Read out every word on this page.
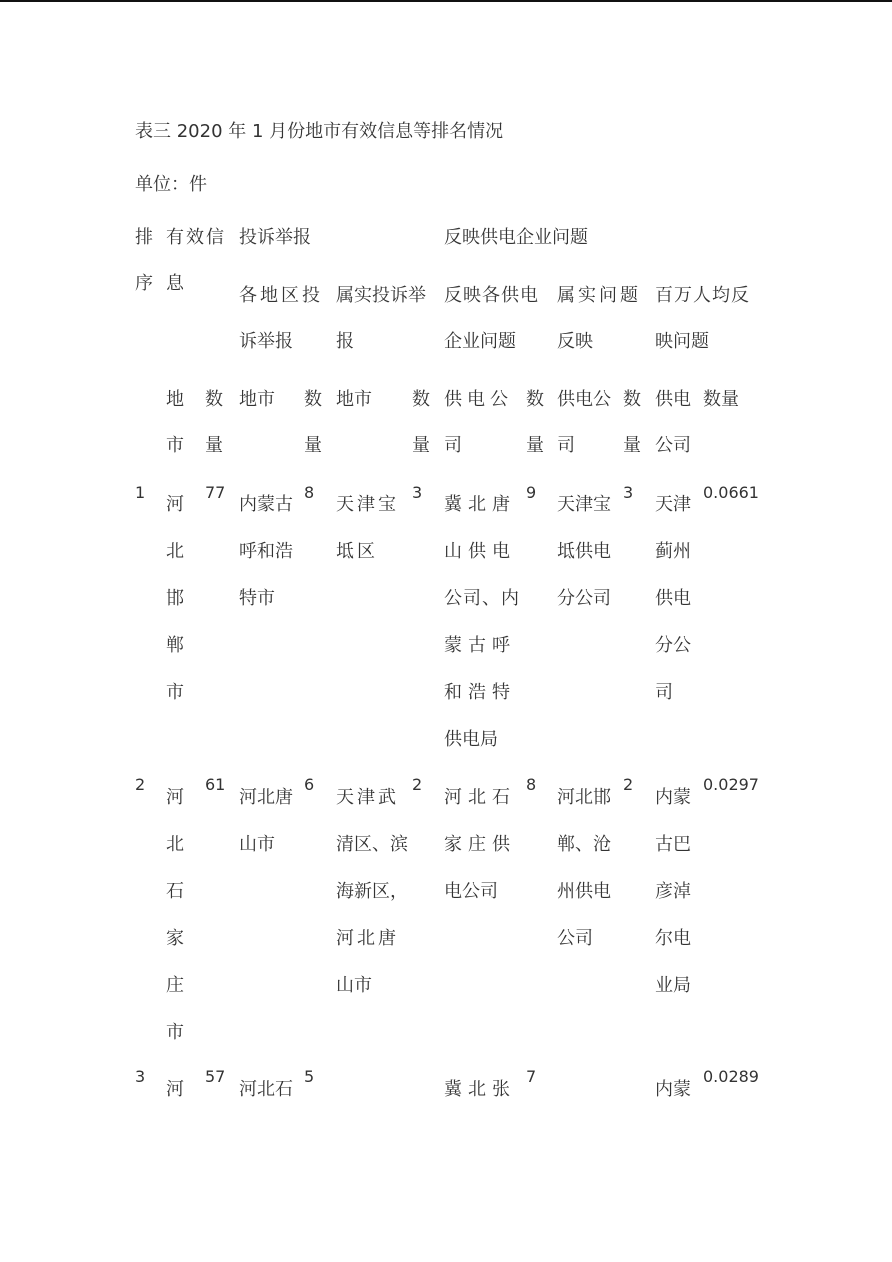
表三 2020 年 1 月份地市有效信息等排名情况
单位：件
排
序
有效信
息
投诉举报	反映供电企业问题
各地区投
诉举报
属实投诉举
报
反映各供电
企业问题
属实问题
反映
百万人均反
映问题
地
市
数
量
地市 数
量
地市 数
量
供电公
司
数
量
供电公
司
数
量
供电
公司
数量
1
河
北
邯
郸
市
77
内蒙古
呼和浩
特市
8
天津宝
坻区
3
冀北唐
山供电
公司、内
蒙古呼
和浩特
供电局
9
天津宝
坻供电
分公司
3
天津
蓟州
供电
分公
司
0.0661
2
河
北
石
家
庄
市
61
河北唐
山市
6
天津武
清区、滨
海新区，
河北唐
山市
2
河北石
家庄供
电公司
8
河北邯
郸、沧
州供电
公司
2
内蒙
古巴
彦淖
尔电
业局
0.0297
3
河
57
河北石
5
冀北张
7
内蒙
0.0289
